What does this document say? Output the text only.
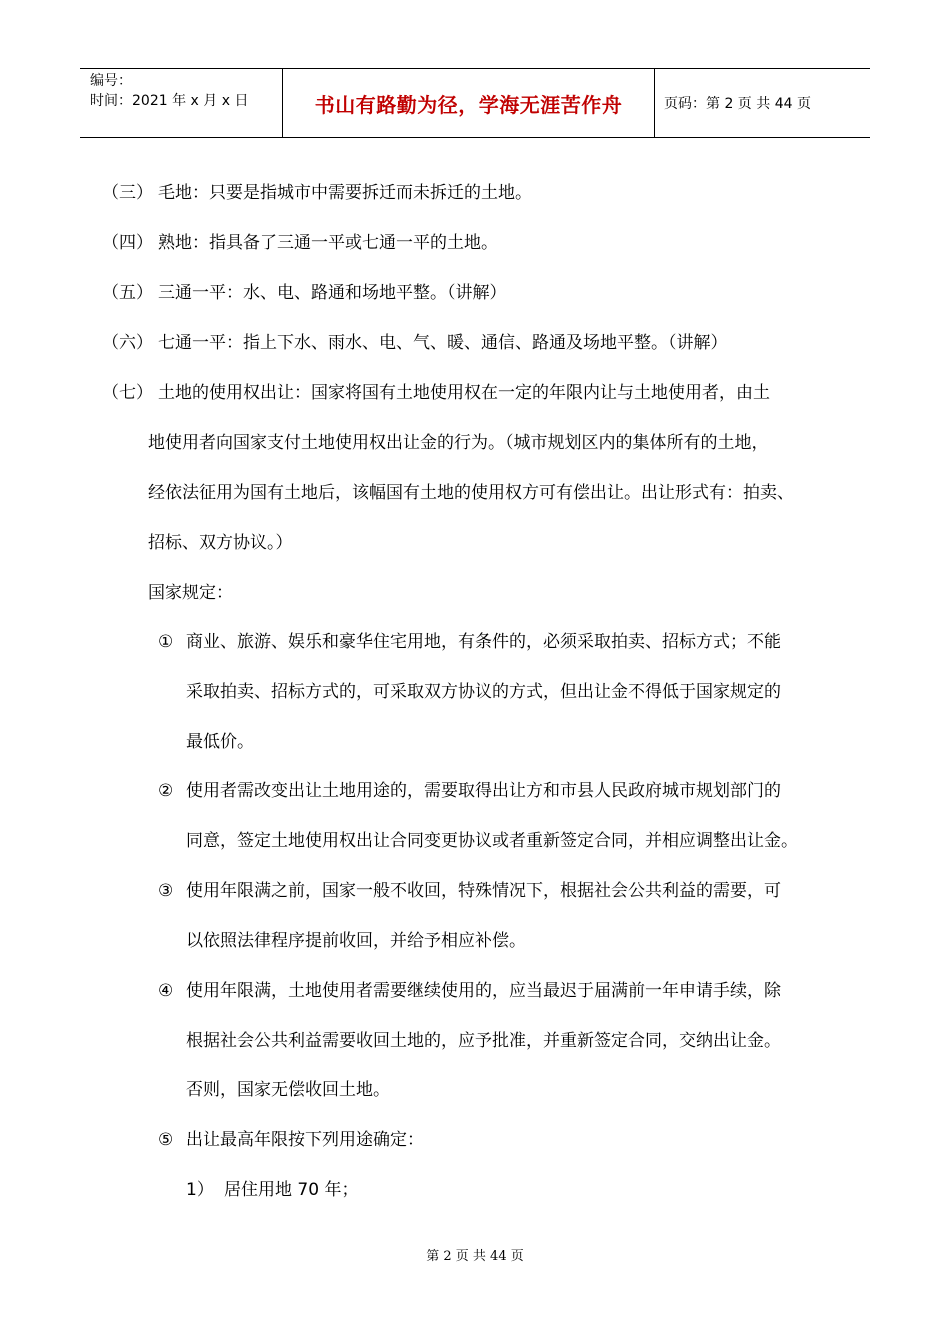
编号：
时间：2021 年 x 月 x 日	书山有路勤为径，学海无涯苦作舟	页码：第 2 页 共 44 页
（三） 毛地：只要是指城市中需要拆迁而未拆迁的土地。
（四） 熟地：指具备了三通一平或七通一平的土地。
（五） 三通一平：水、电、路通和场地平整。（讲解）
（六） 七通一平：指上下水、雨水、电、气、暖、通信、路通及场地平整。（讲解）
（七） 土地的使用权出让：国家将国有土地使用权在一定的年限内让与土地使用者，由土
地使用者向国家支付土地使用权出让金的行为。（城市规划区内的集体所有的土地，
经依法征用为国有土地后，该幅国有土地的使用权方可有偿出让。出让形式有：拍卖、
招标、双方协议。）
国家规定：
① 商业、旅游、娱乐和豪华住宅用地，有条件的，必须采取拍卖、招标方式；不能
采取拍卖、招标方式的，可采取双方协议的方式，但出让金不得低于国家规定的
最低价。
② 使用者需改变出让土地用途的，需要取得出让方和市县人民政府城市规划部门的
同意，签定土地使用权出让合同变更协议或者重新签定合同，并相应调整出让金。
③ 使用年限满之前，国家一般不收回，特殊情况下，根据社会公共利益的需要，可
以依照法律程序提前收回，并给予相应补偿。
④ 使用年限满，土地使用者需要继续使用的，应当最迟于届满前一年申请手续，除
根据社会公共利益需要收回土地的，应予批准，并重新签定合同，交纳出让金。
否则，国家无偿收回土地。
⑤ 出让最高年限按下列用途确定：
1） 居住用地 70 年；
第 2 页 共 44 页
